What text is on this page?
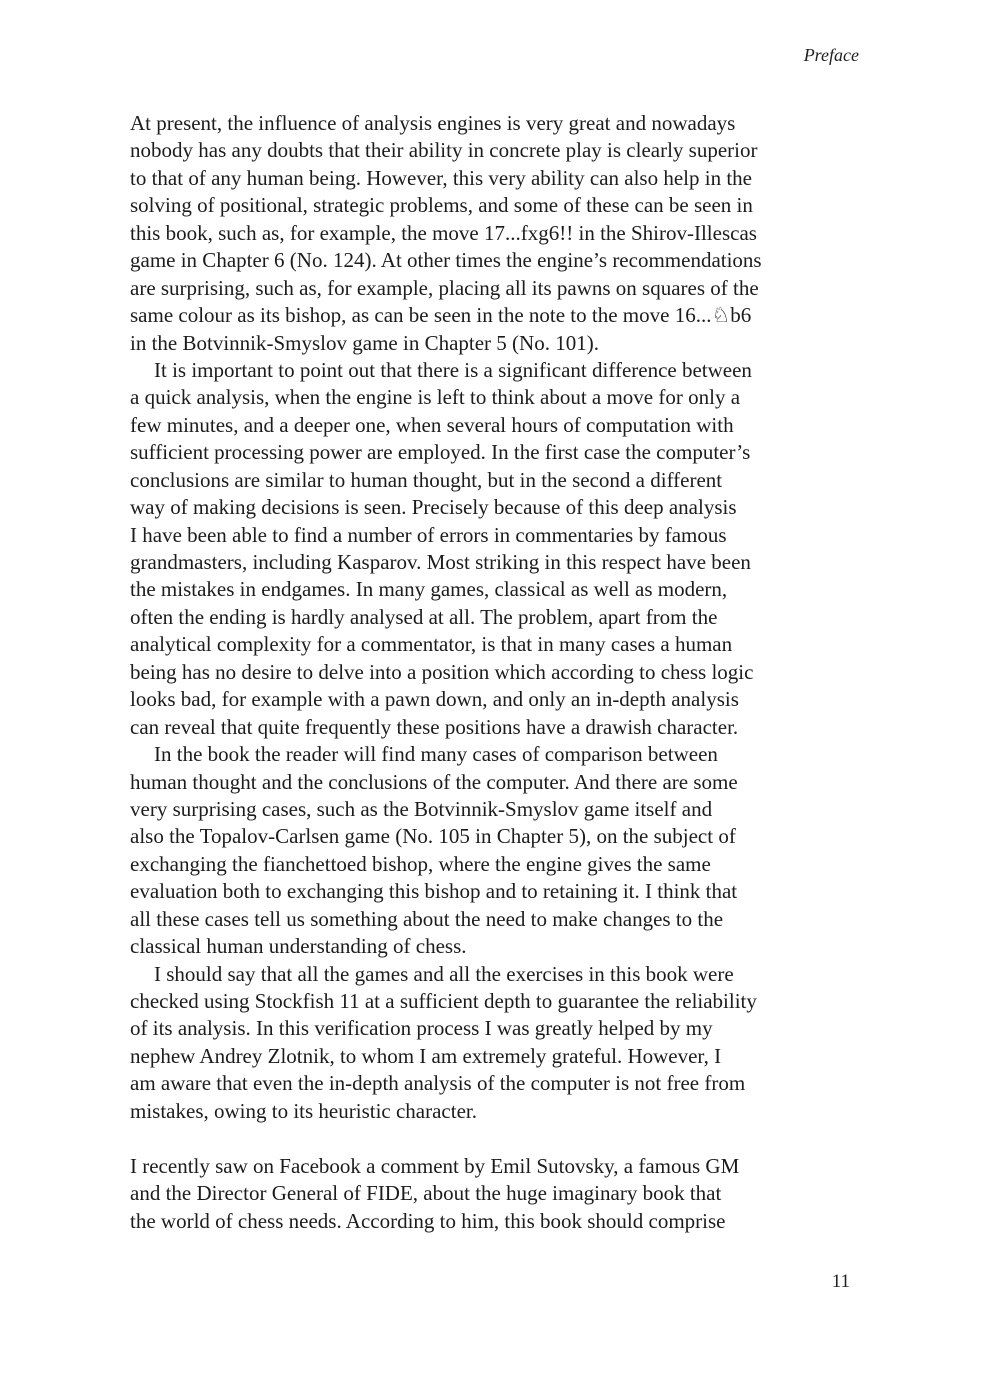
Preface
At present, the influence of analysis engines is very great and nowadays
nobody has any doubts that their ability in concrete play is clearly superior
to that of any human being. However, this very ability can also help in the
solving of positional, strategic problems, and some of these can be seen in
this book, such as, for example, the move 17...fxg6!! in the Shirov-Illescas
game in Chapter 6 (No. 124). At other times the engine’s recommendations
are surprising, such as, for example, placing all its pawns on squares of the
same colour as its bishop, as can be seen in the note to the move 16...♘b6
in the Botvinnik-Smyslov game in Chapter 5 (No. 101).
It is important to point out that there is a significant difference between
a quick analysis, when the engine is left to think about a move for only a
few minutes, and a deeper one, when several hours of computation with
sufficient processing power are employed. In the first case the computer’s
conclusions are similar to human thought, but in the second a different
way of making decisions is seen. Precisely because of this deep analysis
I have been able to find a number of errors in commentaries by famous
grandmasters, including Kasparov. Most striking in this respect have been
the mistakes in endgames. In many games, classical as well as modern,
often the ending is hardly analysed at all. The problem, apart from the
analytical complexity for a commentator, is that in many cases a human
being has no desire to delve into a position which according to chess logic
looks bad, for example with a pawn down, and only an in-depth analysis
can reveal that quite frequently these positions have a drawish character.
In the book the reader will find many cases of comparison between
human thought and the conclusions of the computer. And there are some
very surprising cases, such as the Botvinnik-Smyslov game itself and
also the Topalov-Carlsen game (No. 105 in Chapter 5), on the subject of
exchanging the fianchettoed bishop, where the engine gives the same
evaluation both to exchanging this bishop and to retaining it. I think that
all these cases tell us something about the need to make changes to the
classical human understanding of chess.
I should say that all the games and all the exercises in this book were
checked using Stockfish 11 at a sufficient depth to guarantee the reliability
of its analysis. In this verification process I was greatly helped by my
nephew Andrey Zlotnik, to whom I am extremely grateful. However, I
am aware that even the in-depth analysis of the computer is not free from
mistakes, owing to its heuristic character.
I recently saw on Facebook a comment by Emil Sutovsky, a famous GM
and the Director General of FIDE, about the huge imaginary book that
the world of chess needs. According to him, this book should comprise
11
